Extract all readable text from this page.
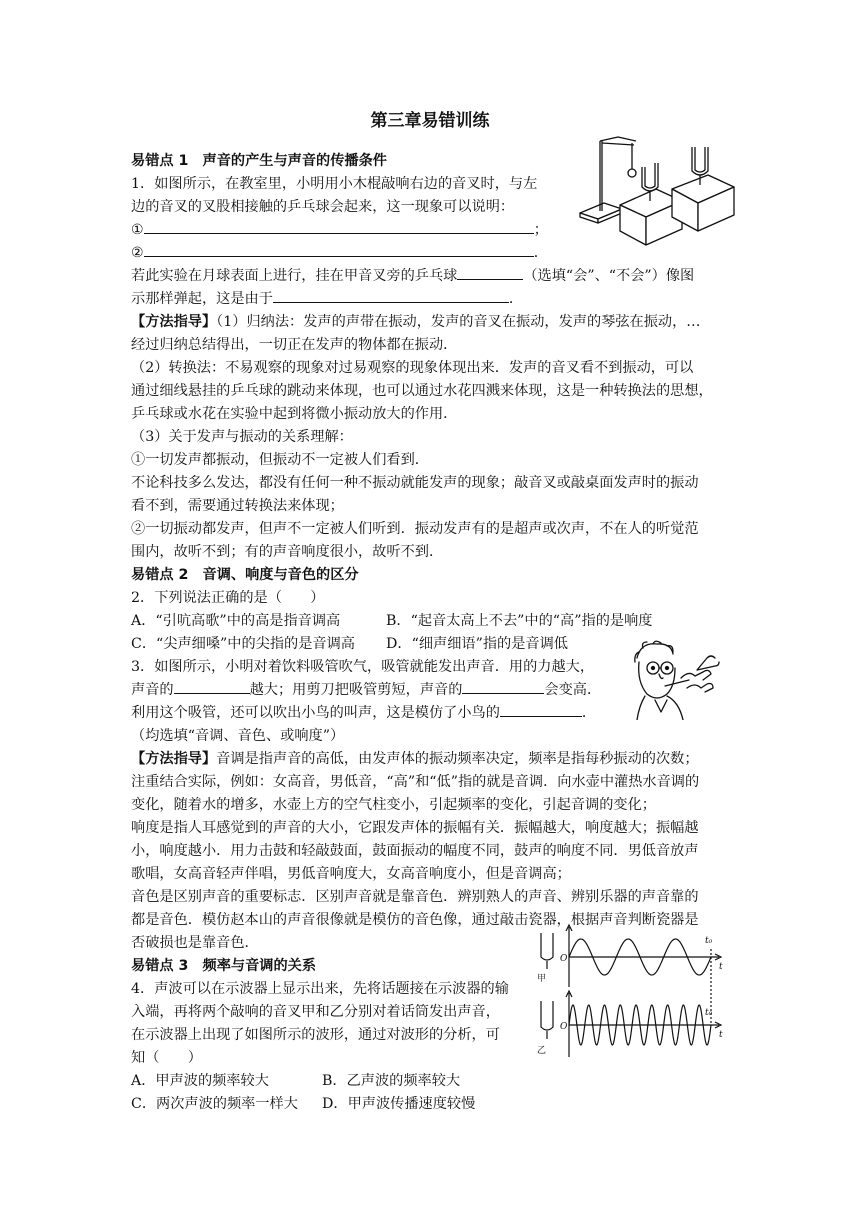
第三章易错训练
易错点 1　声音的产生与声音的传播条件
1．如图所示，在教室里，小明用小木棍敲响右边的音叉时，与左
边的音叉的叉股相接触的乒乓球会起来，这一现象可以说明：
①	；
②	．
若此实验在月球表面上进行，挂在甲音叉旁的乒乓球	（选填“会”、“不会”）像图
示那样弹起，这是由于	．
【方法指导】（1）归纳法：发声的声带在振动，发声的音叉在振动，发声的琴弦在振动，…
经过归纳总结得出，一切正在发声的物体都在振动．
（2）转换法：不易观察的现象对过易观察的现象体现出来．发声的音叉看不到振动，可以
通过细线悬挂的乒乓球的跳动来体现，也可以通过水花四溅来体现，这是一种转换法的思想，
乒乓球或水花在实验中起到将微小振动放大的作用．
（3）关于发声与振动的关系理解：
①一切发声都振动，但振动不一定被人们看到．
不论科技多么发达，都没有任何一种不振动就能发声的现象；敲音叉或敲桌面发声时的振动
看不到，需要通过转换法来体现；
②一切振动都发声，但声不一定被人们听到．振动发声有的是超声或次声，不在人的听觉范
围内，故听不到；有的声音响度很小，故听不到．
易错点 2　音调、响度与音色的区分
2．下列说法正确的是（　　）
A．“引吭高歌”中的高是指音调高	B．“起音太高上不去”中的“高”指的是响度
C．“尖声细嗓”中的尖指的是音调高 D．“细声细语”指的是音调低
3．如图所示，小明对着饮料吸管吹气，吸管就能发出声音．用的力越大，
声音的	越大；用剪刀把吸管剪短，声音的	会变高．
利用这个吸管，还可以吹出小鸟的叫声，这是模仿了小鸟的	．
（均选填“音调、音色、或响度”）
【方法指导】音调是指声音的高低，由发声体的振动频率决定，频率是指每秒振动的次数；
注重结合实际，例如：女高音，男低音，“高”和“低”指的就是音调．向水壶中灌热水音调的
变化，随着水的增多，水壶上方的空气柱变小，引起频率的变化，引起音调的变化；
响度是指人耳感觉到的声音的大小，它跟发声体的振幅有关．振幅越大，响度越大；振幅越
小，响度越小．用力击鼓和轻敲鼓面，鼓面振动的幅度不同，鼓声的响度不同．男低音放声
歌唱，女高音轻声伴唱，男低音响度大，女高音响度小，但是音调高；
音色是区别声音的重要标志．区别声音就是靠音色．辨别熟人的声音、辨别乐器的声音靠的
都是音色．模仿赵本山的声音很像就是模仿的音色像，通过敲击瓷器，根据声音判断瓷器是
否破损也是靠音色．
易错点 3　频率与音调的关系
4．声波可以在示波器上显示出来，先将话题接在示波器的输
入端，再将两个敲响的音叉甲和乙分别对着话筒发出声音，
在示波器上出现了如图所示的波形，通过对波形的分析，可
知（　　）
A．甲声波的频率较大	B．乙声波的频率较大
C．两次声波的频率一样大 D．甲声波传播速度较慢
甲
乙
O
O
t
t
t₀
t₀
